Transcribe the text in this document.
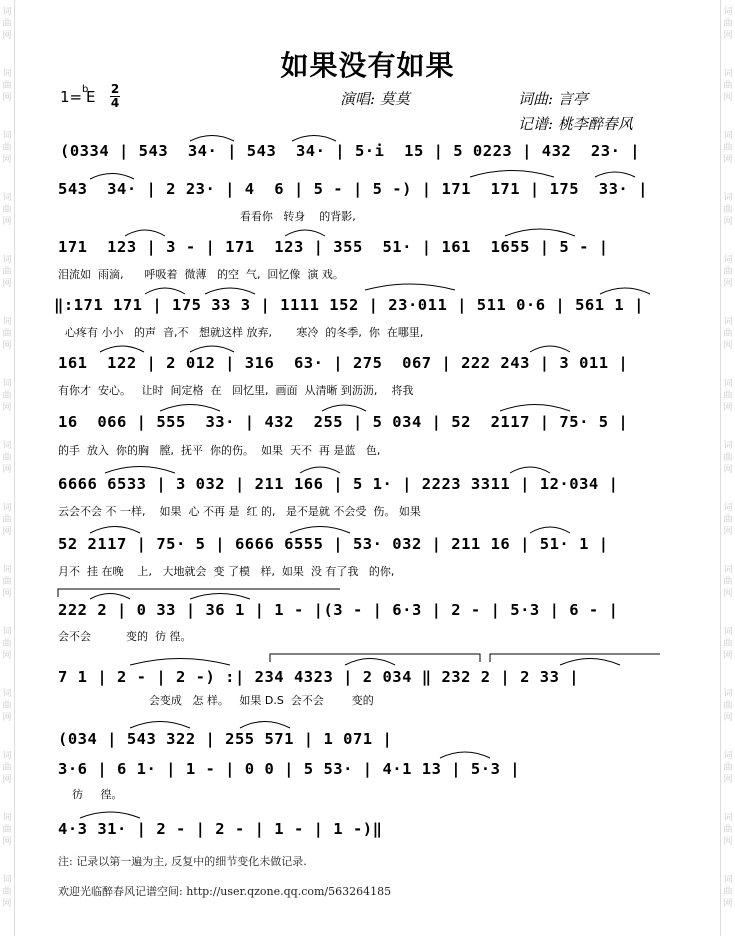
词
曲
网
词
曲
网
词
曲
网
词
曲
网
词
曲
网
词
曲
网
词
曲
网
词
曲
网
词
曲
网
词
曲
网
词
曲
网
词
曲
网
词
曲
网
词
曲
网
词
曲
网
词
曲
网
词
曲
网
词
曲
网
词
曲
网
词
曲
网
词
曲
网
词
曲
网
词
曲
网
词
曲
网
词
曲
网
词
曲
网
词
曲
网
词
曲
网
词
曲
网
词
曲
网
如果没有如果
1= b
E 2
4	演唱: 莫莫	词曲: 言亭
记谱: 桃李醉春风
(0334 | 543  34· | 543  34· | 5·i  15 | 5 0223 | 432  23· |
543  34· | 2 23· | 4  6 | 5 - | 5 -) | 171  171 | 175  33· |
看看你   转身    的背影,
171  123 | 3 - | 171  123 | 355  51· | 161  1655 | 5 - |
泪流如  雨滴,      呼吸着  微薄   的空  气,  回忆像  演 戏。
‖:171 171 | 175 33 3 | 1111 152 | 23·011 | 511 0·6 | 561 1 |
心疼有 小小   的声  音,不   想就这样 放弃,       寒冷  的冬季,  你  在哪里,
161  122 | 2 012 | 316  63· | 275  067 | 222 243 | 3 011 |
有你才  安心。   让时  间定格  在   回忆里,  画面  从清晰 到沥沥,    将我
16  066 | 555  33· | 432  255 | 5 034 | 52  2117 | 75· 5 |
的手  放入  你的胸   膛,  抚平  你的伤。  如果  天不  再 是蓝   色,
6666 6533 | 3 032 | 211 166 | 5 1· | 2223 3311 | 12·034 |
云会不会 不 一样,    如果  心 不再 是  红 的,   是不是就 不会受  伤。 如果
52 2117 | 75· 5 | 6666 6555 | 53· 032 | 211 16 | 51· 1 |
月不  挂 在晚    上,   大地就会  变 了模   样,  如果  没 有了我   的你,
222 2 | 0 33 | 36 1 | 1 - |(3 - | 6·3 | 2 - | 5·3 | 6 - |
会不会          变的  彷 徨。
7 1 | 2 - | 2 -) :| 234 4323 | 2 034 ‖ 232 2 | 2 33 |
会变成   怎 样。   如果 D.S  会不会        变的
(034 | 543 322 | 255 571 | 1 071 |
3·6 | 6 1· | 1 - | 0 0 | 5 53· | 4·1 13 | 5·3 |
彷     徨。
4·3 31· | 2 - | 2 - | 1 - | 1 -)‖
注: 记录以第一遍为主, 反复中的细节变化未做记录.
欢迎光临醉春风记谱空间: http://user.qzone.qq.com/563264185
